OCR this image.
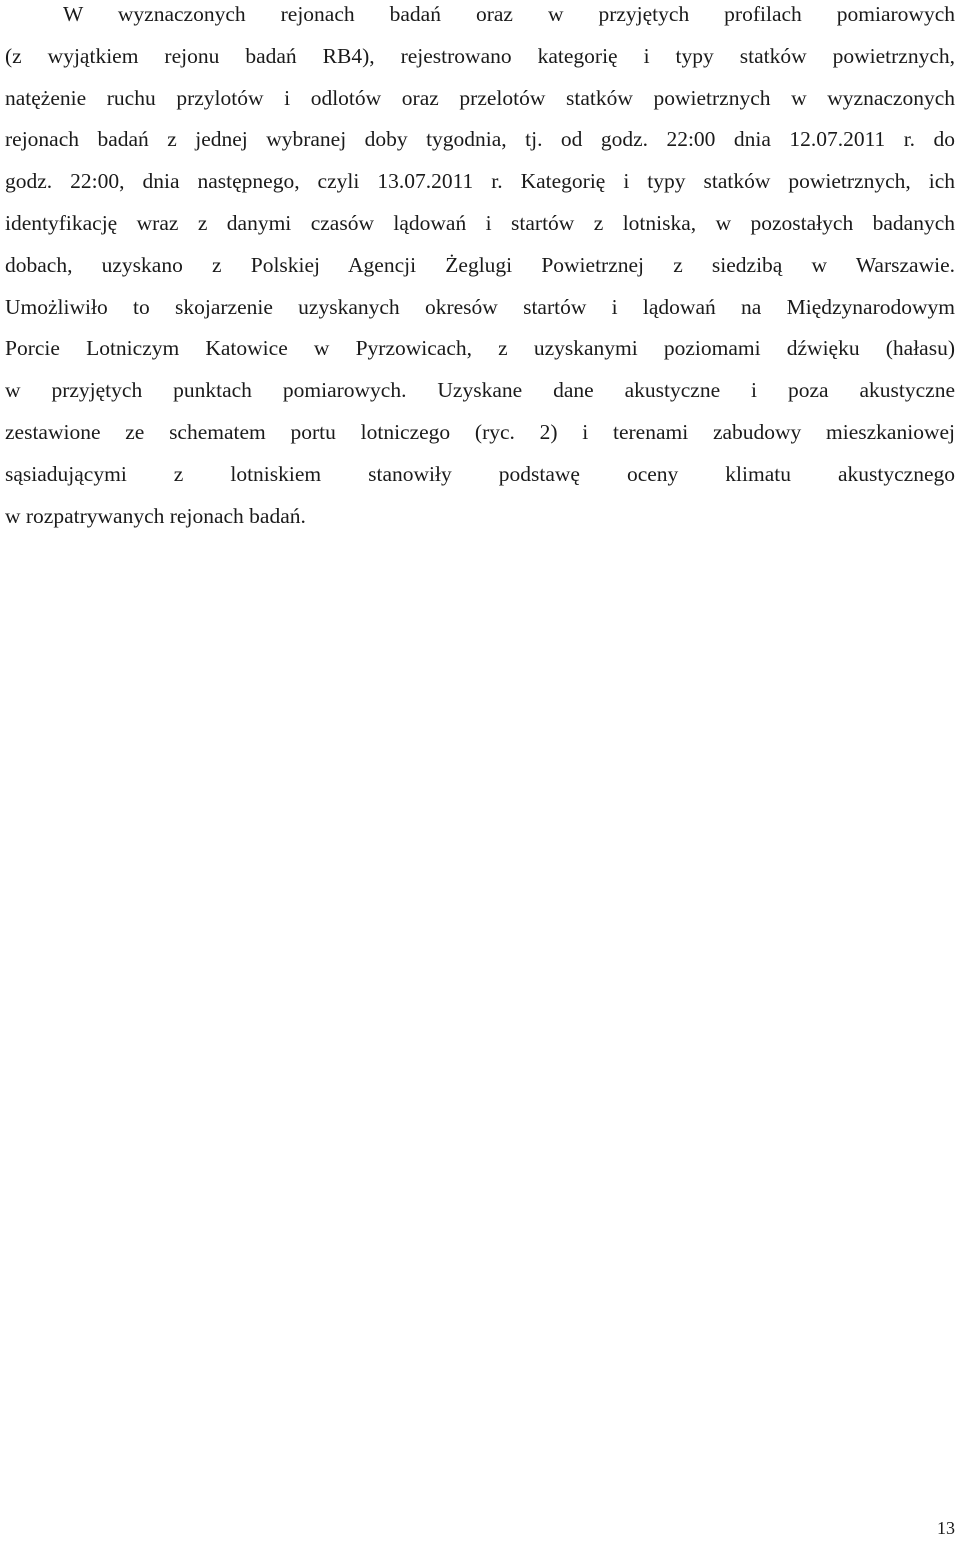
W wyznaczonych rejonach badań oraz w przyjętych profilach pomiarowych
(z wyjątkiem rejonu badań RB4), rejestrowano kategorię i typy statków powietrznych,
natężenie ruchu przylotów i odlotów oraz przelotów statków powietrznych w wyznaczonych
rejonach badań z jednej wybranej doby tygodnia, tj. od godz. 22:00 dnia 12.07.2011 r. do
godz. 22:00, dnia następnego, czyli 13.07.2011 r. Kategorię i typy statków powietrznych, ich
identyfikację wraz z danymi czasów lądowań i startów z lotniska, w pozostałych badanych
dobach, uzyskano z Polskiej Agencji Żeglugi Powietrznej z siedzibą w Warszawie.
Umożliwiło to skojarzenie uzyskanych okresów startów i lądowań na Międzynarodowym
Porcie Lotniczym Katowice w Pyrzowicach, z uzyskanymi poziomami dźwięku (hałasu)
w przyjętych punktach pomiarowych. Uzyskane dane akustyczne i poza akustyczne
zestawione ze schematem portu lotniczego (ryc. 2) i terenami zabudowy mieszkaniowej
sąsiadującymi z lotniskiem stanowiły podstawę oceny klimatu akustycznego
w rozpatrywanych rejonach badań.
13
